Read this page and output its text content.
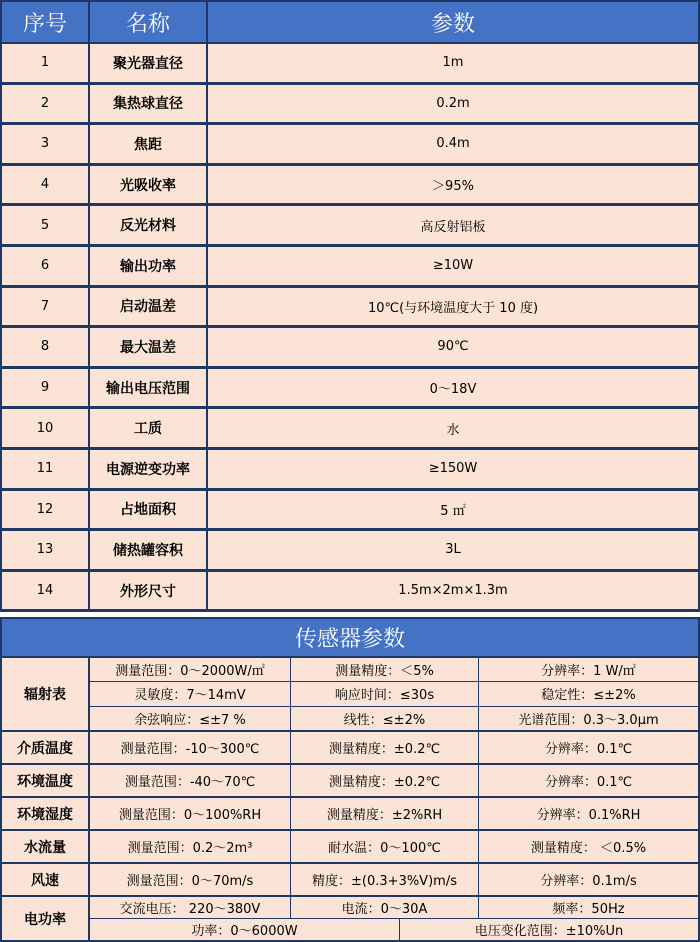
序号	名称	参数
1	聚光器直径	1m
2	集热球直径	0.2m
3	焦距	0.4m
4	光吸收率	＞95%
5	反光材料	高反射铝板
6	输出功率	≥10W
7	启动温差	10℃(与环境温度大于 10 度)
8	最大温差	90℃
9	输出电压范围	0～18V
10	工质	水
11	电源逆变功率	≥150W
12	占地面积	5 ㎡
13	储热罐容积	3L
14	外形尺寸	1.5m×2m×1.3m
传感器参数
辐射表
测量范围：0～2000W/㎡	测量精度：＜5%	分辨率：1 W/㎡
灵敏度：7～14mV	响应时间：≤30s	稳定性：≤±2%
余弦响应：≤±7 %	线性：≤±2%	光谱范围：0.3～3.0μm
介质温度	测量范围：-10～300℃	测量精度：±0.2℃	分辨率：0.1℃
环境温度	测量范围：-40～70℃	测量精度：±0.2℃	分辨率：0.1℃
环境湿度	测量范围：0～100%RH	测量精度：±2%RH	分辨率：0.1%RH
水流量	测量范围：0.2～2m³	耐水温：0～100℃	测量精度： ＜0.5%
风速	测量范围：0～70m/s	精度：±(0.3+3%V)m/s	分辨率：0.1m/s
电功率
交流电压： 220～380V	电流：0～30A	频率：50Hz
功率：0～6000W	电压变化范围：±10%Un
